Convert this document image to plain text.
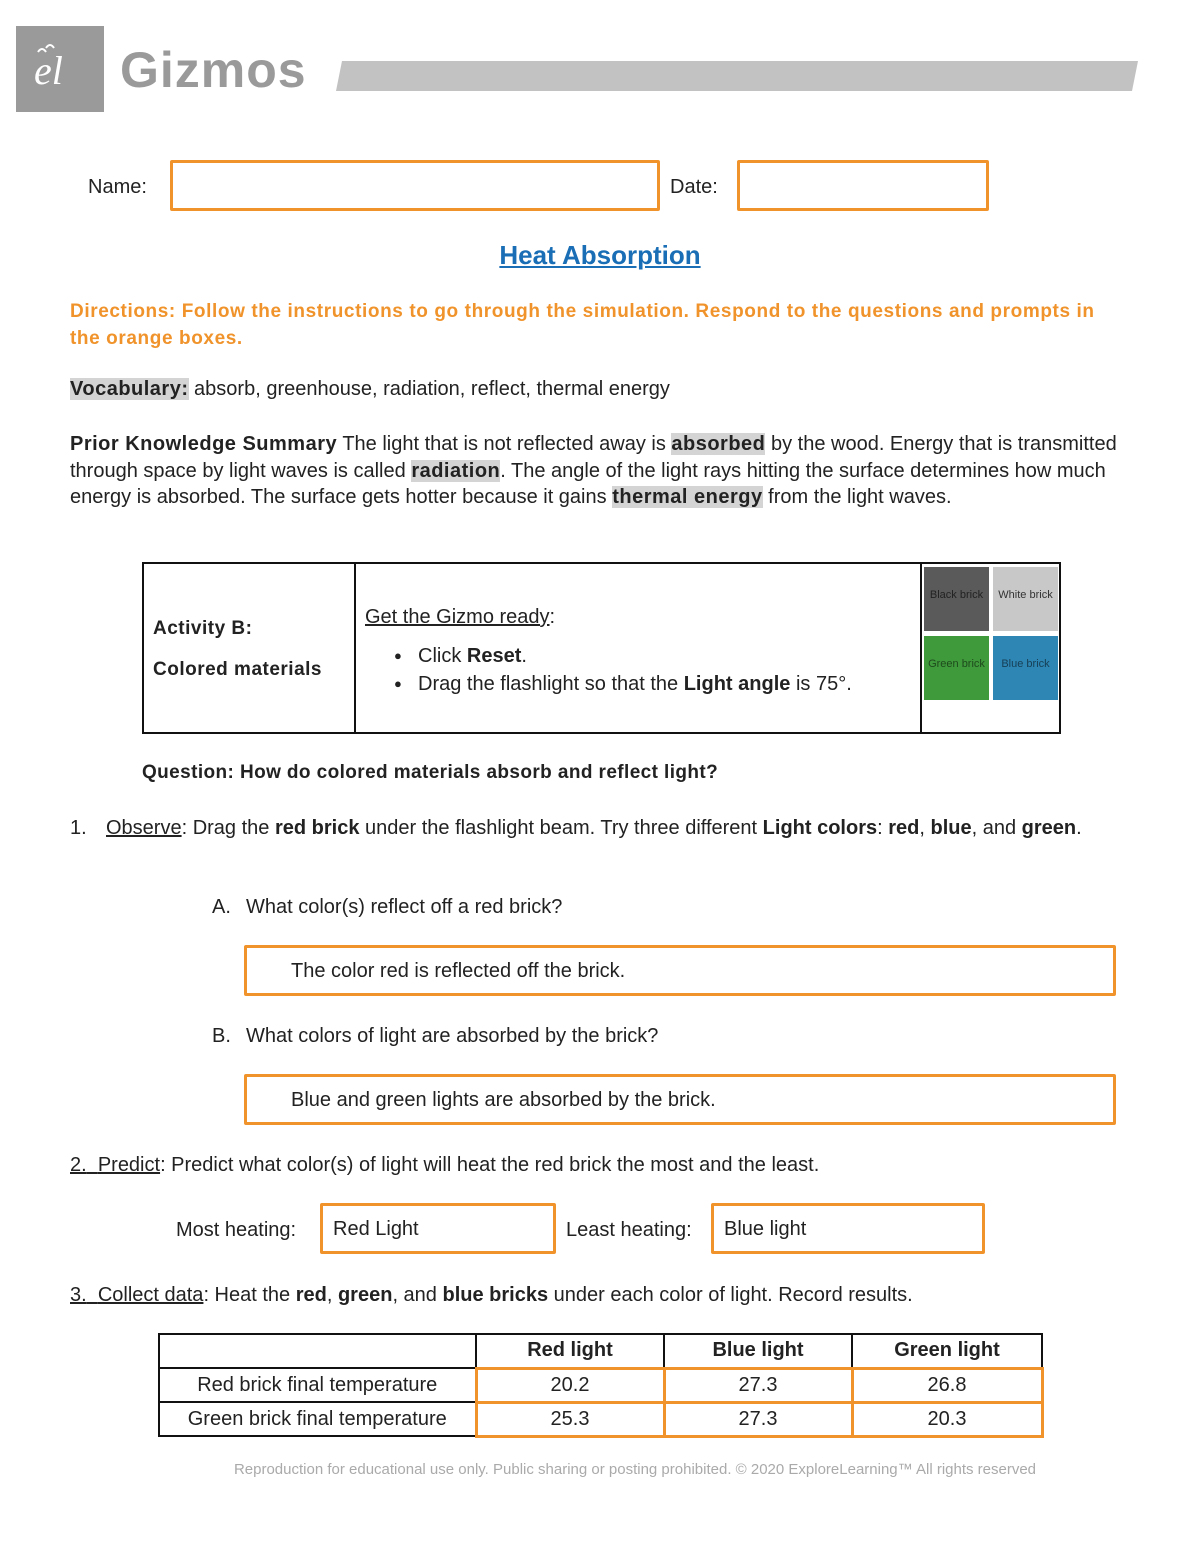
el Gizmos
Name:	Date:
Heat Absorption
Directions: Follow the instructions to go through the simulation. Respond to the questions and prompts in the orange boxes.
Vocabulary: absorb, greenhouse, radiation, reflect, thermal energy
Prior Knowledge Summary The light that is not reflected away is absorbed by the wood. Energy that is transmitted through space by light waves is called radiation. The angle of the light rays hitting the surface determines how much energy is absorbed. The surface gets hotter because it gains thermal energy from the light waves.
Activity B:
Colored materials
Get the Gizmo ready:
● Click Reset.
● Drag the flashlight so that the Light angle is 75°.
Black brick	White brick
Green brick	Blue brick
Question: How do colored materials absorb and reflect light?
1. Observe: Drag the red brick under the flashlight beam. Try three different Light colors: red, blue, and green.
A. What color(s) reflect off a red brick?
The color red is reflected off the brick.
B. What colors of light are absorbed by the brick?
Blue and green lights are absorbed by the brick.
2. Predict: Predict what color(s) of light will heat the red brick the most and the least.
Most heating: Red Light	Least heating: Blue light
3. Collect data: Heat the red, green, and blue bricks under each color of light. Record results.
	Red light	Blue light	Green light
Red brick final temperature	20.2	27.3	26.8
Green brick final temperature	25.3	27.3	20.3
Reproduction for educational use only. Public sharing or posting prohibited. © 2020 ExploreLearning™ All rights reserved
